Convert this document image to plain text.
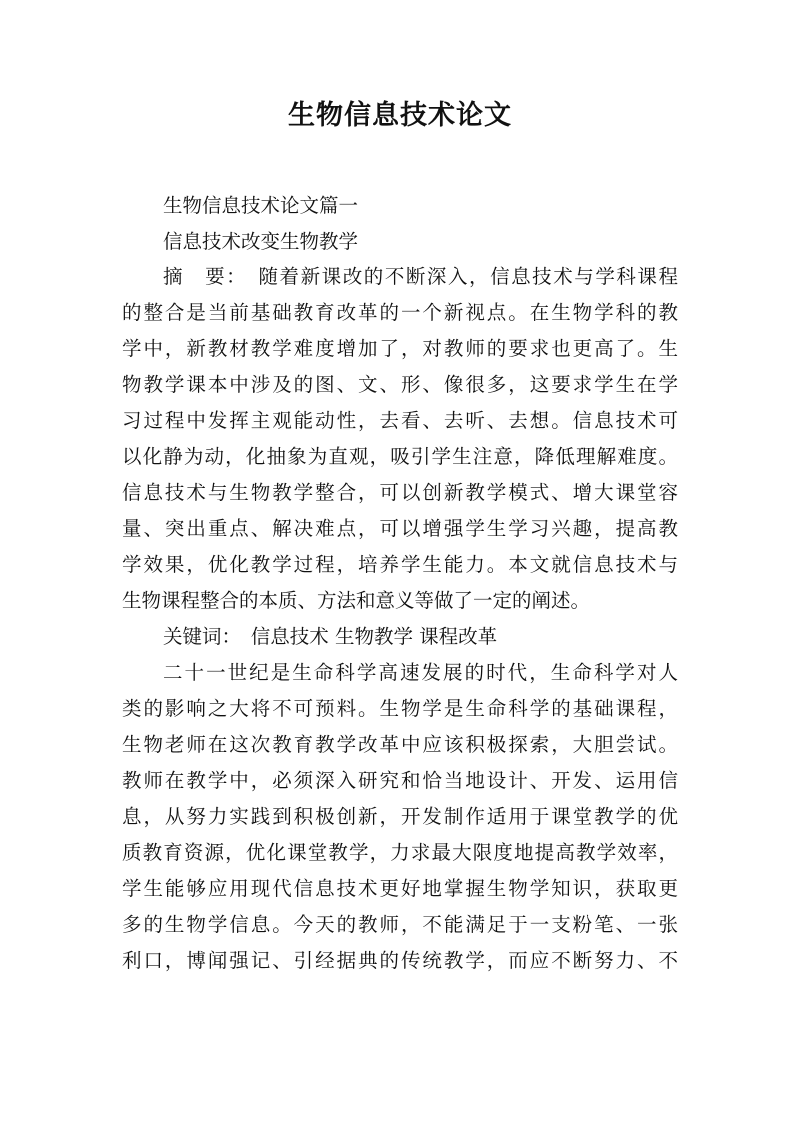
生物信息技术论文

生物信息技术论文篇一

信息技术改变生物教学

摘　要：　随着新课改的不断深入，信息技术与学科课程

的整合是当前基础教育改革的一个新视点。在生物学科的教

学中，新教材教学难度增加了，对教师的要求也更高了。生

物教学课本中涉及的图、文、形、像很多，这要求学生在学

习过程中发挥主观能动性，去看、去听、去想。信息技术可

以化静为动，化抽象为直观，吸引学生注意，降低理解难度。

信息技术与生物教学整合，可以创新教学模式、增大课堂容

量、突出重点、解决难点，可以增强学生学习兴趣，提高教

学效果，优化教学过程，培养学生能力。本文就信息技术与

生物课程整合的本质、方法和意义等做了一定的阐述。

关键词：　信息技术 生物教学 课程改革

二十一世纪是生命科学高速发展的时代，生命科学对人

类的影响之大将不可预料。生物学是生命科学的基础课程，

生物老师在这次教育教学改革中应该积极探索，大胆尝试。

教师在教学中，必须深入研究和恰当地设计、开发、运用信

息，从努力实践到积极创新，开发制作适用于课堂教学的优

质教育资源，优化课堂教学，力求最大限度地提高教学效率，

学生能够应用现代信息技术更好地掌握生物学知识，获取更

多的生物学信息。今天的教师，不能满足于一支粉笔、一张

利口，博闻强记、引经据典的传统教学，而应不断努力、不
